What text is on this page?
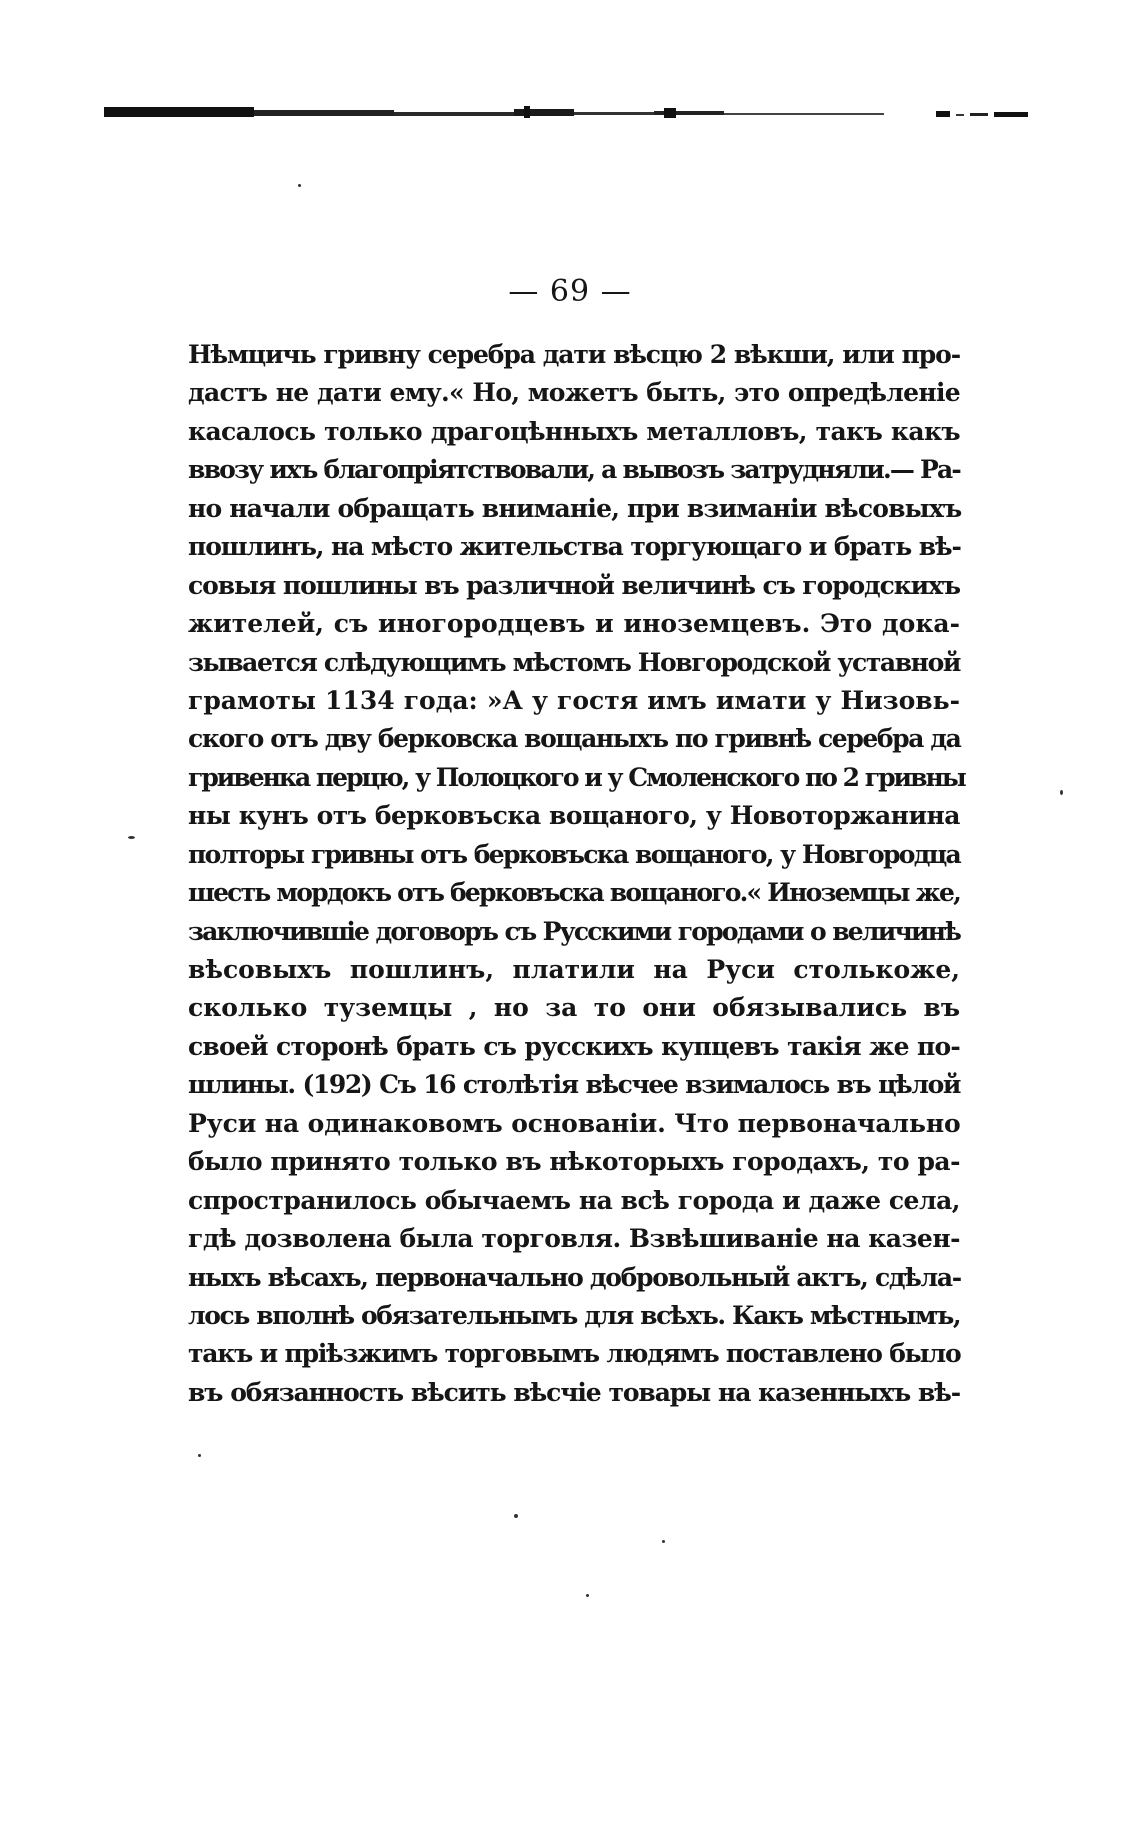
— 69 —
Нѣмцичь гривну серебра дати вѣсцю 2 вѣкши, или про-
дастъ не дати ему.« Но, можетъ быть, это опредѣленіе
касалось только драгоцѣнныхъ металловъ, такъ какъ
ввозу ихъ благопріятствовали, а вывозъ затрудняли.— Ра-
но начали обращать вниманіе, при взиманіи вѣсовыхъ
пошлинъ, на мѣсто жительства торгующаго и брать вѣ-
совыя пошлины въ различной величинѣ съ городскихъ
жителей, съ иногородцевъ и иноземцевъ. Это дока-
зывается слѣдующимъ мѣстомъ Новгородской уставной
грамоты 1134 года: »А у гостя имъ имати у Низовь-
ского отъ дву берковска вощаныхъ по гривнѣ серебра да
гривенка перцю, у Полоцкого и у Смоленского по 2 гривны
ны кунъ отъ берковъска вощаного, у Новоторжанина
полторы гривны отъ берковъска вощаного, у Новгородца
шесть мордокъ отъ берковъска вощаного.« Иноземцы же,
заключившіе договоръ съ Русскими городами о величинѣ
вѣсовыхъ пошлинъ, платили на Руси столькоже,
сколько туземцы , но за то они обязывались въ
своей сторонѣ брать съ русскихъ купцевъ такія же по-
шлины. (192) Съ 16 столѣтія вѣсчее взималось въ цѣлой
Руси на одинаковомъ основаніи. Что первоначально
было принято только въ нѣкоторыхъ городахъ, то ра-
спространилось обычаемъ на всѣ города и даже села,
гдѣ дозволена была торговля. Взвѣшиваніе на казен-
ныхъ вѣсахъ, первоначально добровольный актъ, сдѣла-
лось вполнѣ обязательнымъ для всѣхъ. Какъ мѣстнымъ,
такъ и пріѣзжимъ торговымъ людямъ поставлено было
въ обязанность вѣсить вѣсчіе товары на казенныхъ вѣ-
